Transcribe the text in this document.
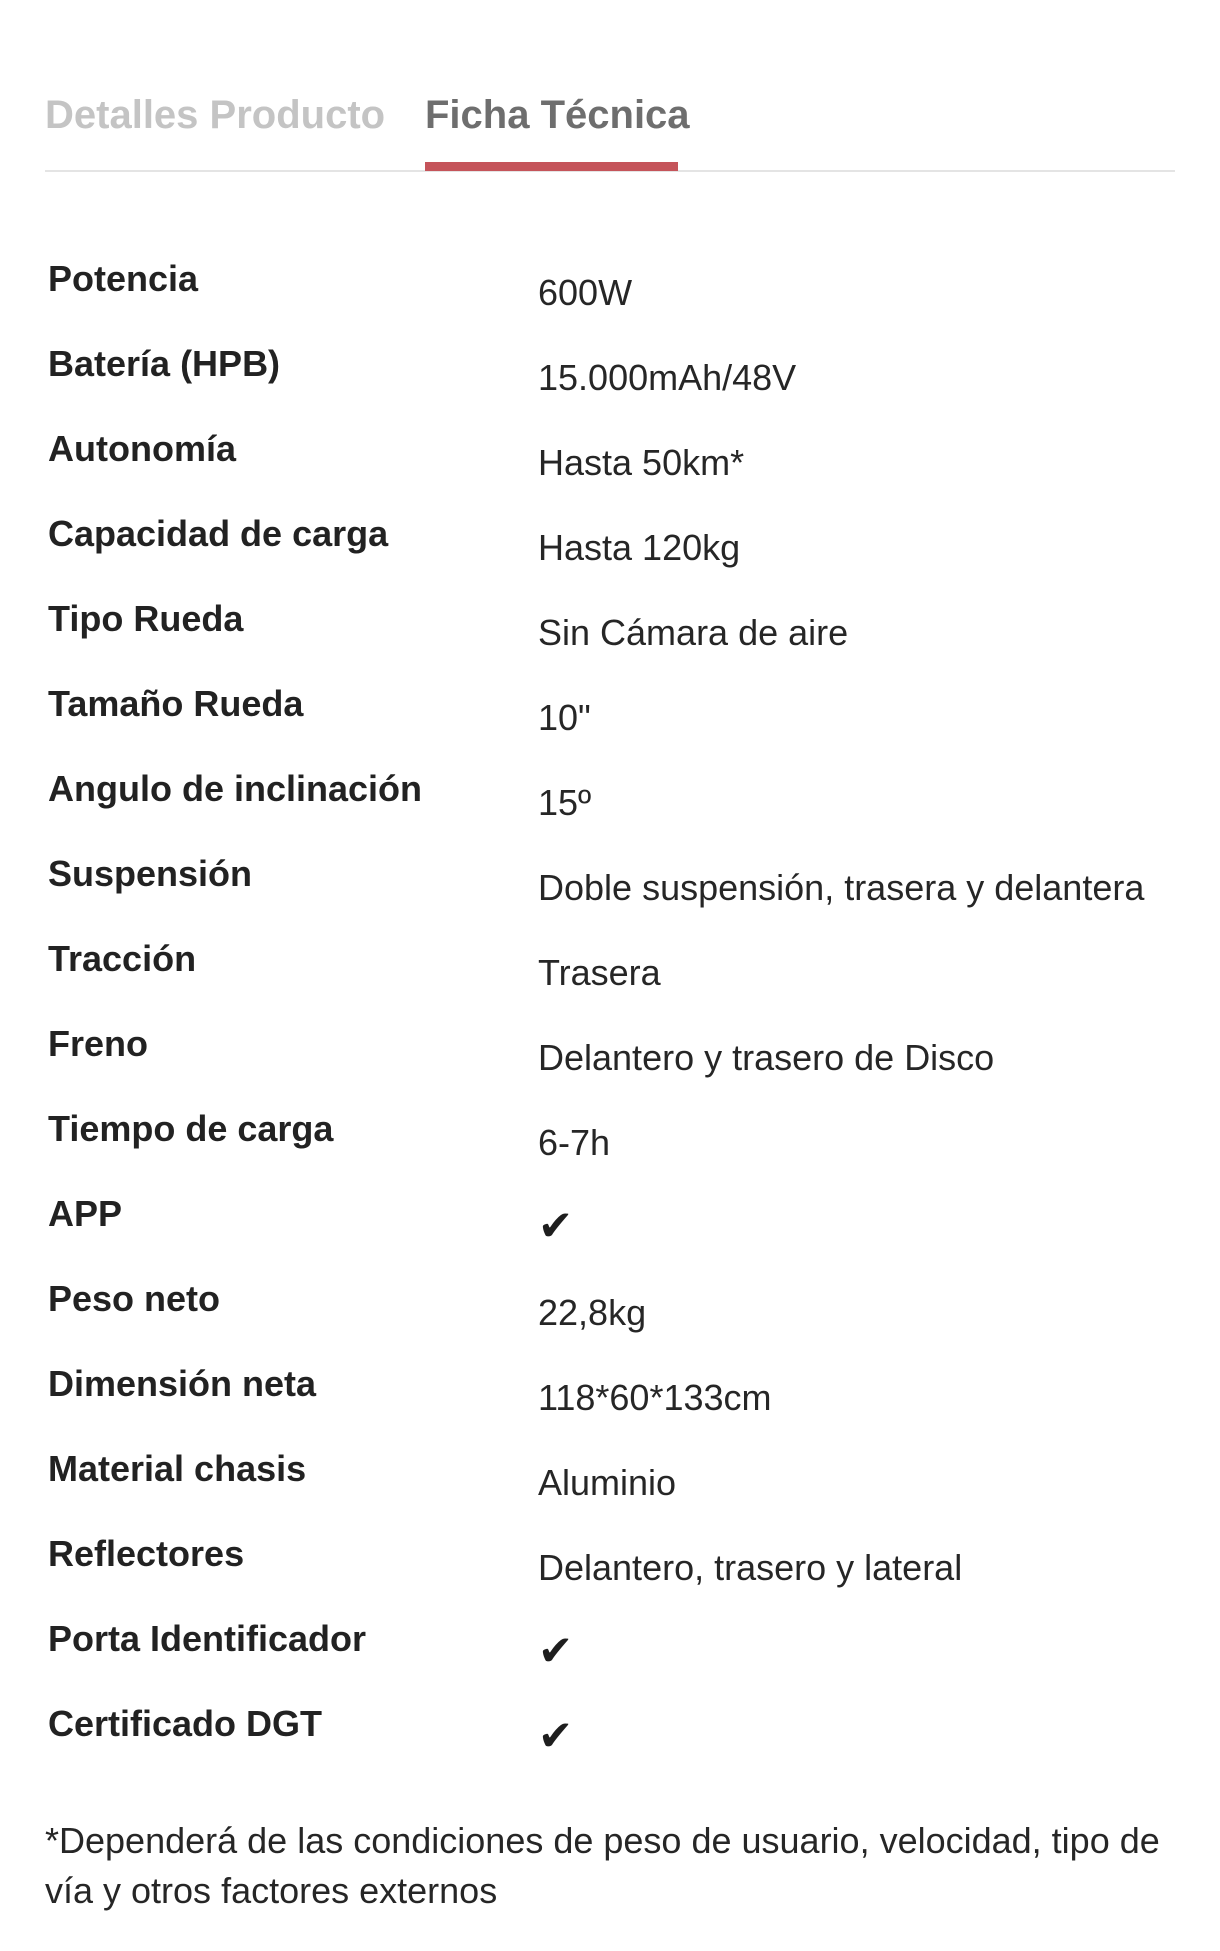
Detalles Producto Ficha Técnica
Potencia	600W
Batería (HPB)	15.000mAh/48V
Autonomía	Hasta 50km*
Capacidad de carga	Hasta 120kg
Tipo Rueda	Sin Cámara de aire
Tamaño Rueda	10"
Angulo de inclinación	15º
Suspensión	Doble suspensión, trasera y delantera
Tracción	Trasera
Freno	Delantero y trasero de Disco
Tiempo de carga	6-7h
APP	✔
Peso neto	22,8kg
Dimensión neta	118*60*133cm
Material chasis	Aluminio
Reflectores	Delantero, trasero y lateral
Porta Identificador	✔
Certificado DGT	✔
*Dependerá de las condiciones de peso de usuario, velocidad, tipo de vía y otros factores externos
